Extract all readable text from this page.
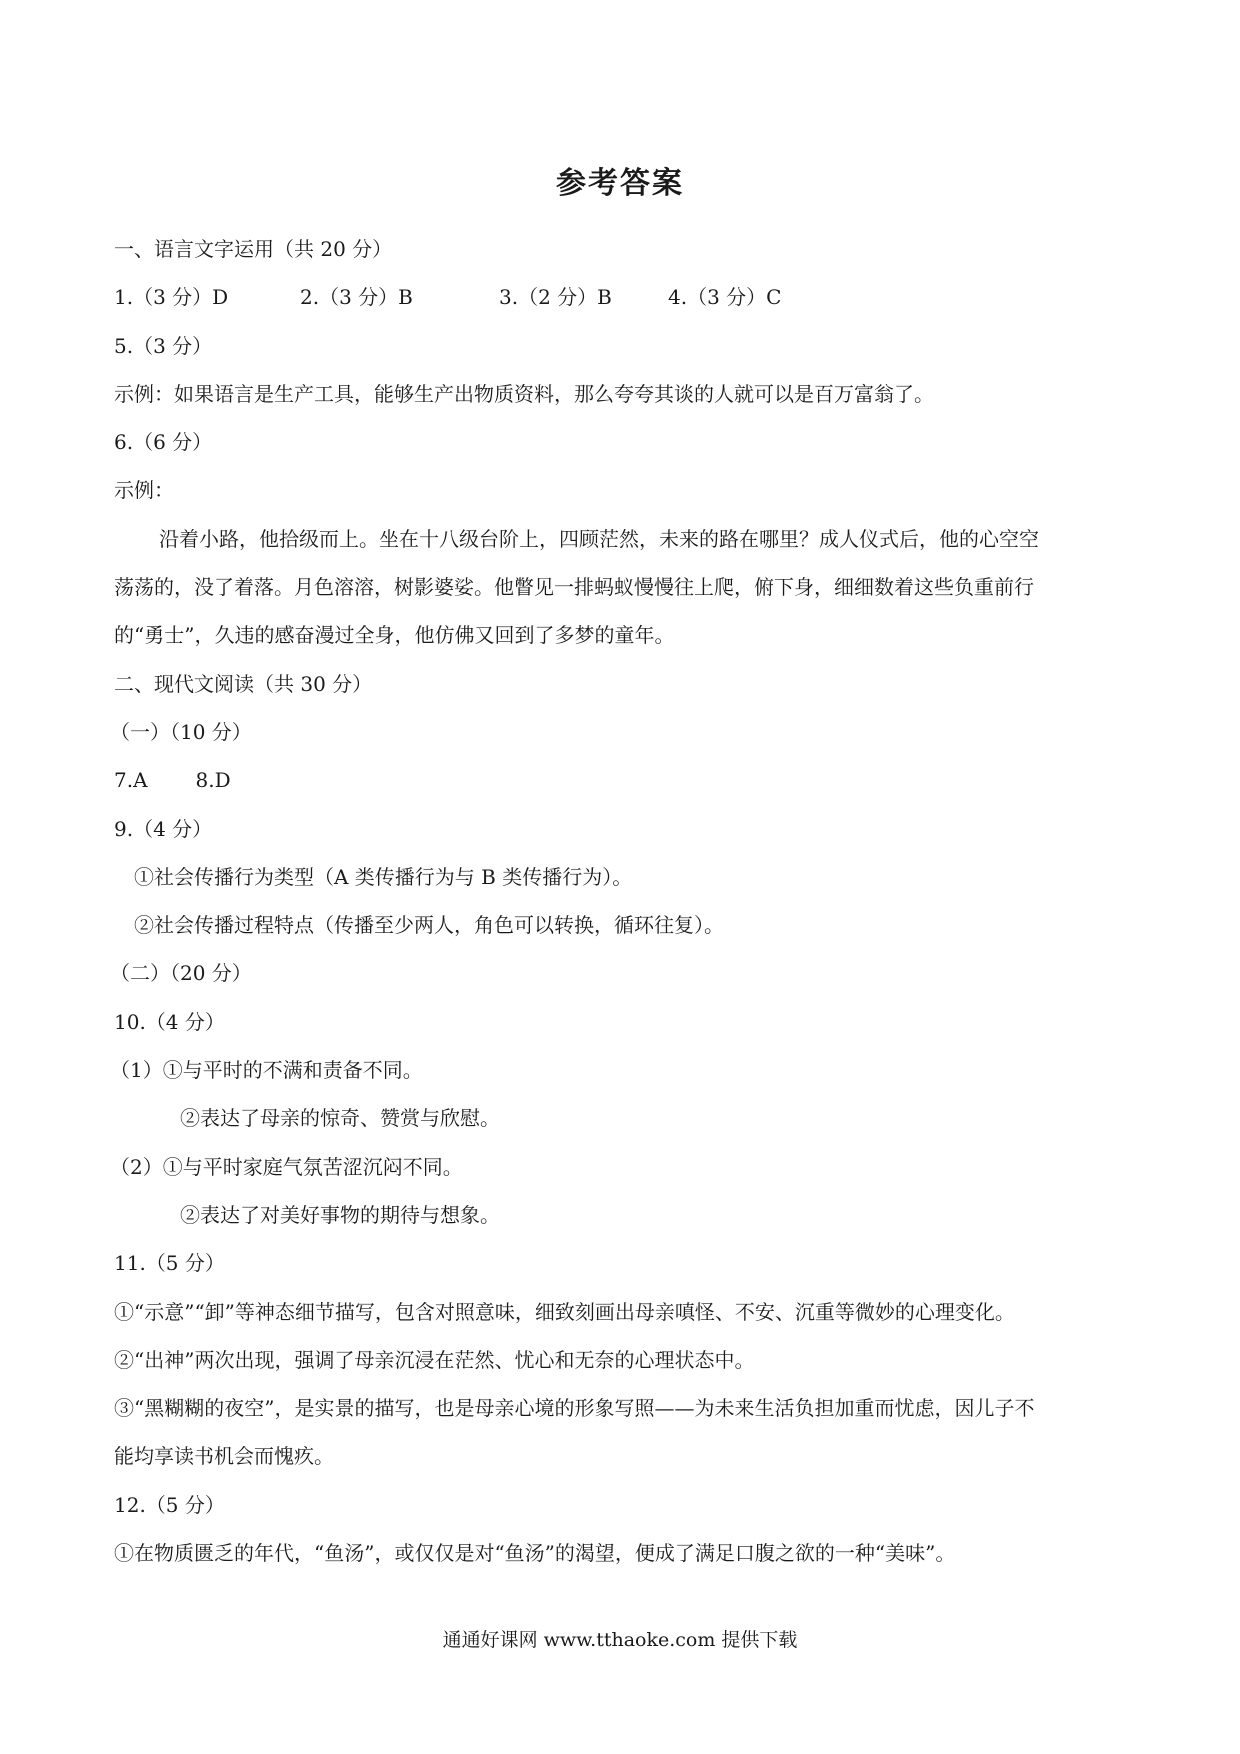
参考答案
一、语言文字运用（共 20 分）
1.（3 分）D	2.（3 分）B	3.（2 分）B	4.（3 分）C
5.（3 分）
示例：如果语言是生产工具，能够生产出物质资料，那么夸夸其谈的人就可以是百万富翁了。
6.（6 分）
示例：
沿着小路，他拾级而上。坐在十八级台阶上，四顾茫然，未来的路在哪里？成人仪式后，他的心空空
荡荡的，没了着落。月色溶溶，树影婆娑。他瞥见一排蚂蚁慢慢往上爬，俯下身，细细数着这些负重前行
的“勇士”，久违的感奋漫过全身，他仿佛又回到了多梦的童年。
二、现代文阅读（共 30 分）
（一）（10 分）
7.A 8.D
9.（4 分）
①社会传播行为类型（A 类传播行为与 B 类传播行为）。
②社会传播过程特点（传播至少两人，角色可以转换，循环往复）。
（二）（20 分）
10.（4 分）
（1）①与平时的不满和责备不同。
②表达了母亲的惊奇、赞赏与欣慰。
（2）①与平时家庭气氛苦涩沉闷不同。
②表达了对美好事物的期待与想象。
11.（5 分）
①“示意”“卸”等神态细节描写，包含对照意味，细致刻画出母亲嗔怪、不安、沉重等微妙的心理变化。
②“出神”两次出现，强调了母亲沉浸在茫然、忧心和无奈的心理状态中。
③“黑糊糊的夜空”，是实景的描写，也是母亲心境的形象写照——为未来生活负担加重而忧虑，因儿子不
能均享读书机会而愧疚。
12.（5 分）
①在物质匮乏的年代，“鱼汤”，或仅仅是对“鱼汤”的渴望，便成了满足口腹之欲的一种“美味”。
通通好课网 www.tthaoke.com 提供下载
